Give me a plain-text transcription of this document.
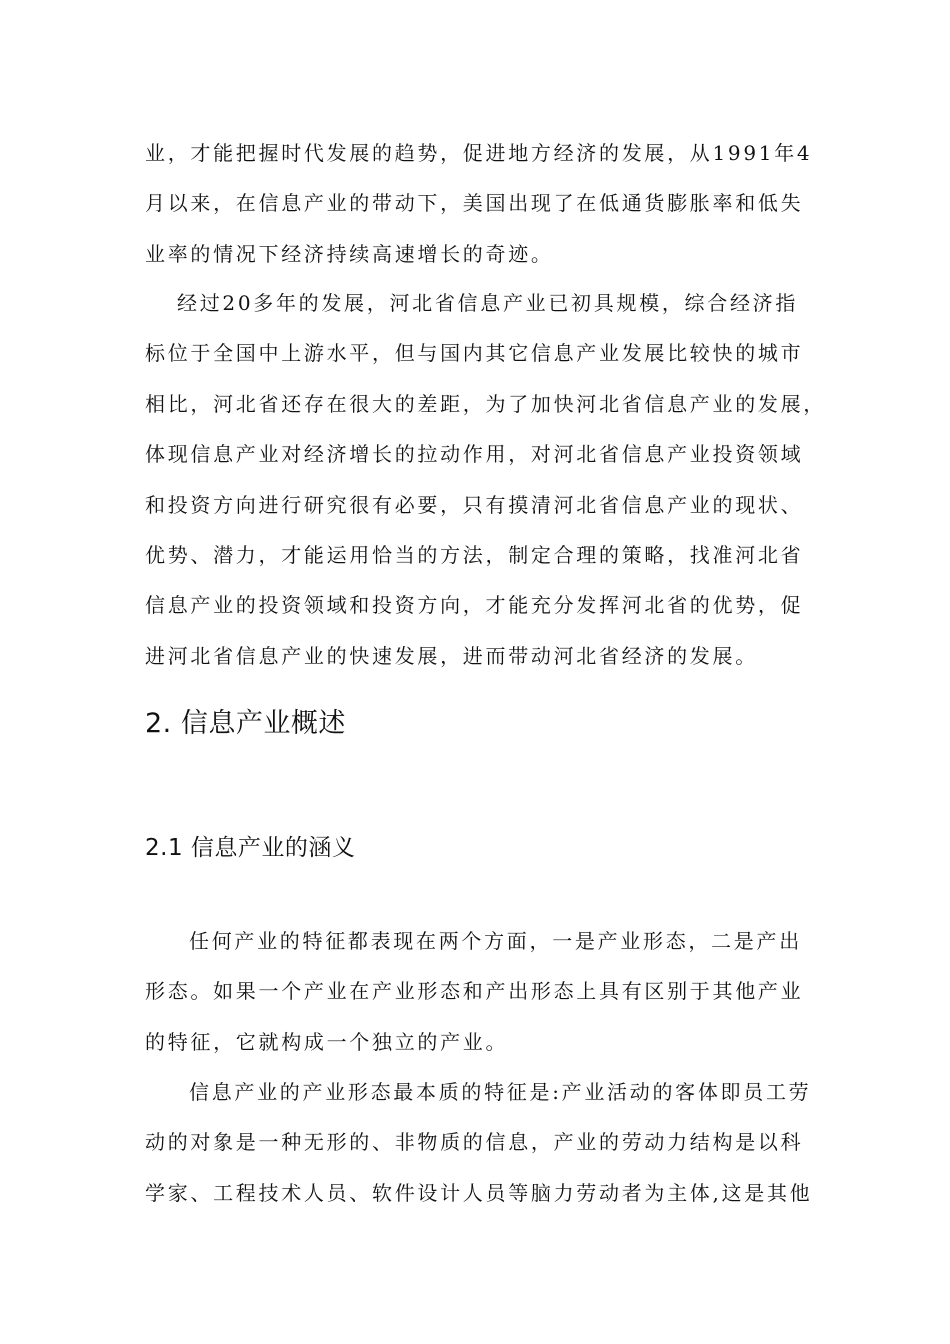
业，才能把握时代发展的趋势，促进地方经济的发展，从1991年4
月以来，在信息产业的带动下，美国出现了在低通货膨胀率和低失
业率的情况下经济持续高速增长的奇迹。
经过20多年的发展，河北省信息产业已初具规模，综合经济指
标位于全国中上游水平，但与国内其它信息产业发展比较快的城市
相比，河北省还存在很大的差距，为了加快河北省信息产业的发展，
体现信息产业对经济增长的拉动作用，对河北省信息产业投资领域
和投资方向进行研究很有必要，只有摸清河北省信息产业的现状、
优势、潜力，才能运用恰当的方法，制定合理的策略，找准河北省
信息产业的投资领域和投资方向，才能充分发挥河北省的优势，促
进河北省信息产业的快速发展，进而带动河北省经济的发展。
2. 信息产业概述
2.1 信息产业的涵义
任何产业的特征都表现在两个方面，一是产业形态，二是产出
形态。如果一个产业在产业形态和产出形态上具有区别于其他产业
的特征，它就构成一个独立的产业。
信息产业的产业形态最本质的特征是:产业活动的客体即员工劳
动的对象是一种无形的、非物质的信息，产业的劳动力结构是以科
学家、工程技术人员、软件设计人员等脑力劳动者为主体,这是其他
